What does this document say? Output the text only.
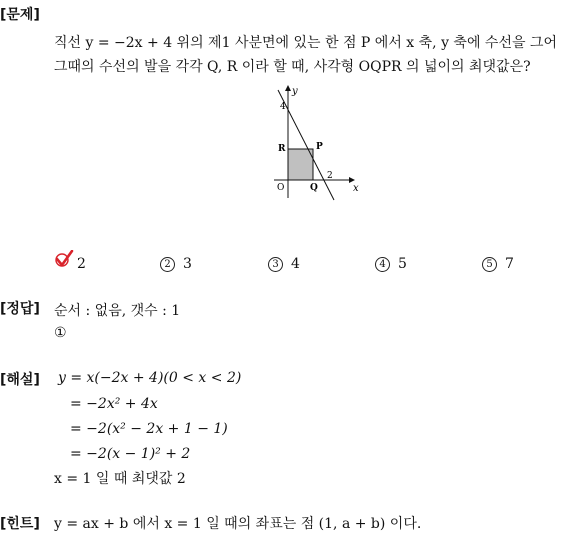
[문제]
직선 y = −2x + 4 위의 제1 사분면에 있는 한 점 P 에서 x 축, y 축에 수선을 그어
그때의 수선의 발을 각각 Q, R 이라 할 때, 사각형 OQPR 의 넓이의 최댓값은?
y
x
O
4
2
P
R
Q
2	2 3	3 4	4 5	5 7
[정답] 순서 : 없음, 갯수 : 1
①
[해설] y = x(−2x + 4)(0 < x < 2)
= −2x² + 4x
= −2(x² − 2x + 1 − 1)
= −2(x − 1)² + 2
x = 1 일 때 최댓값 2
[힌트] y = ax + b 에서 x = 1 일 때의 좌표는 점 (1, a + b) 이다.
